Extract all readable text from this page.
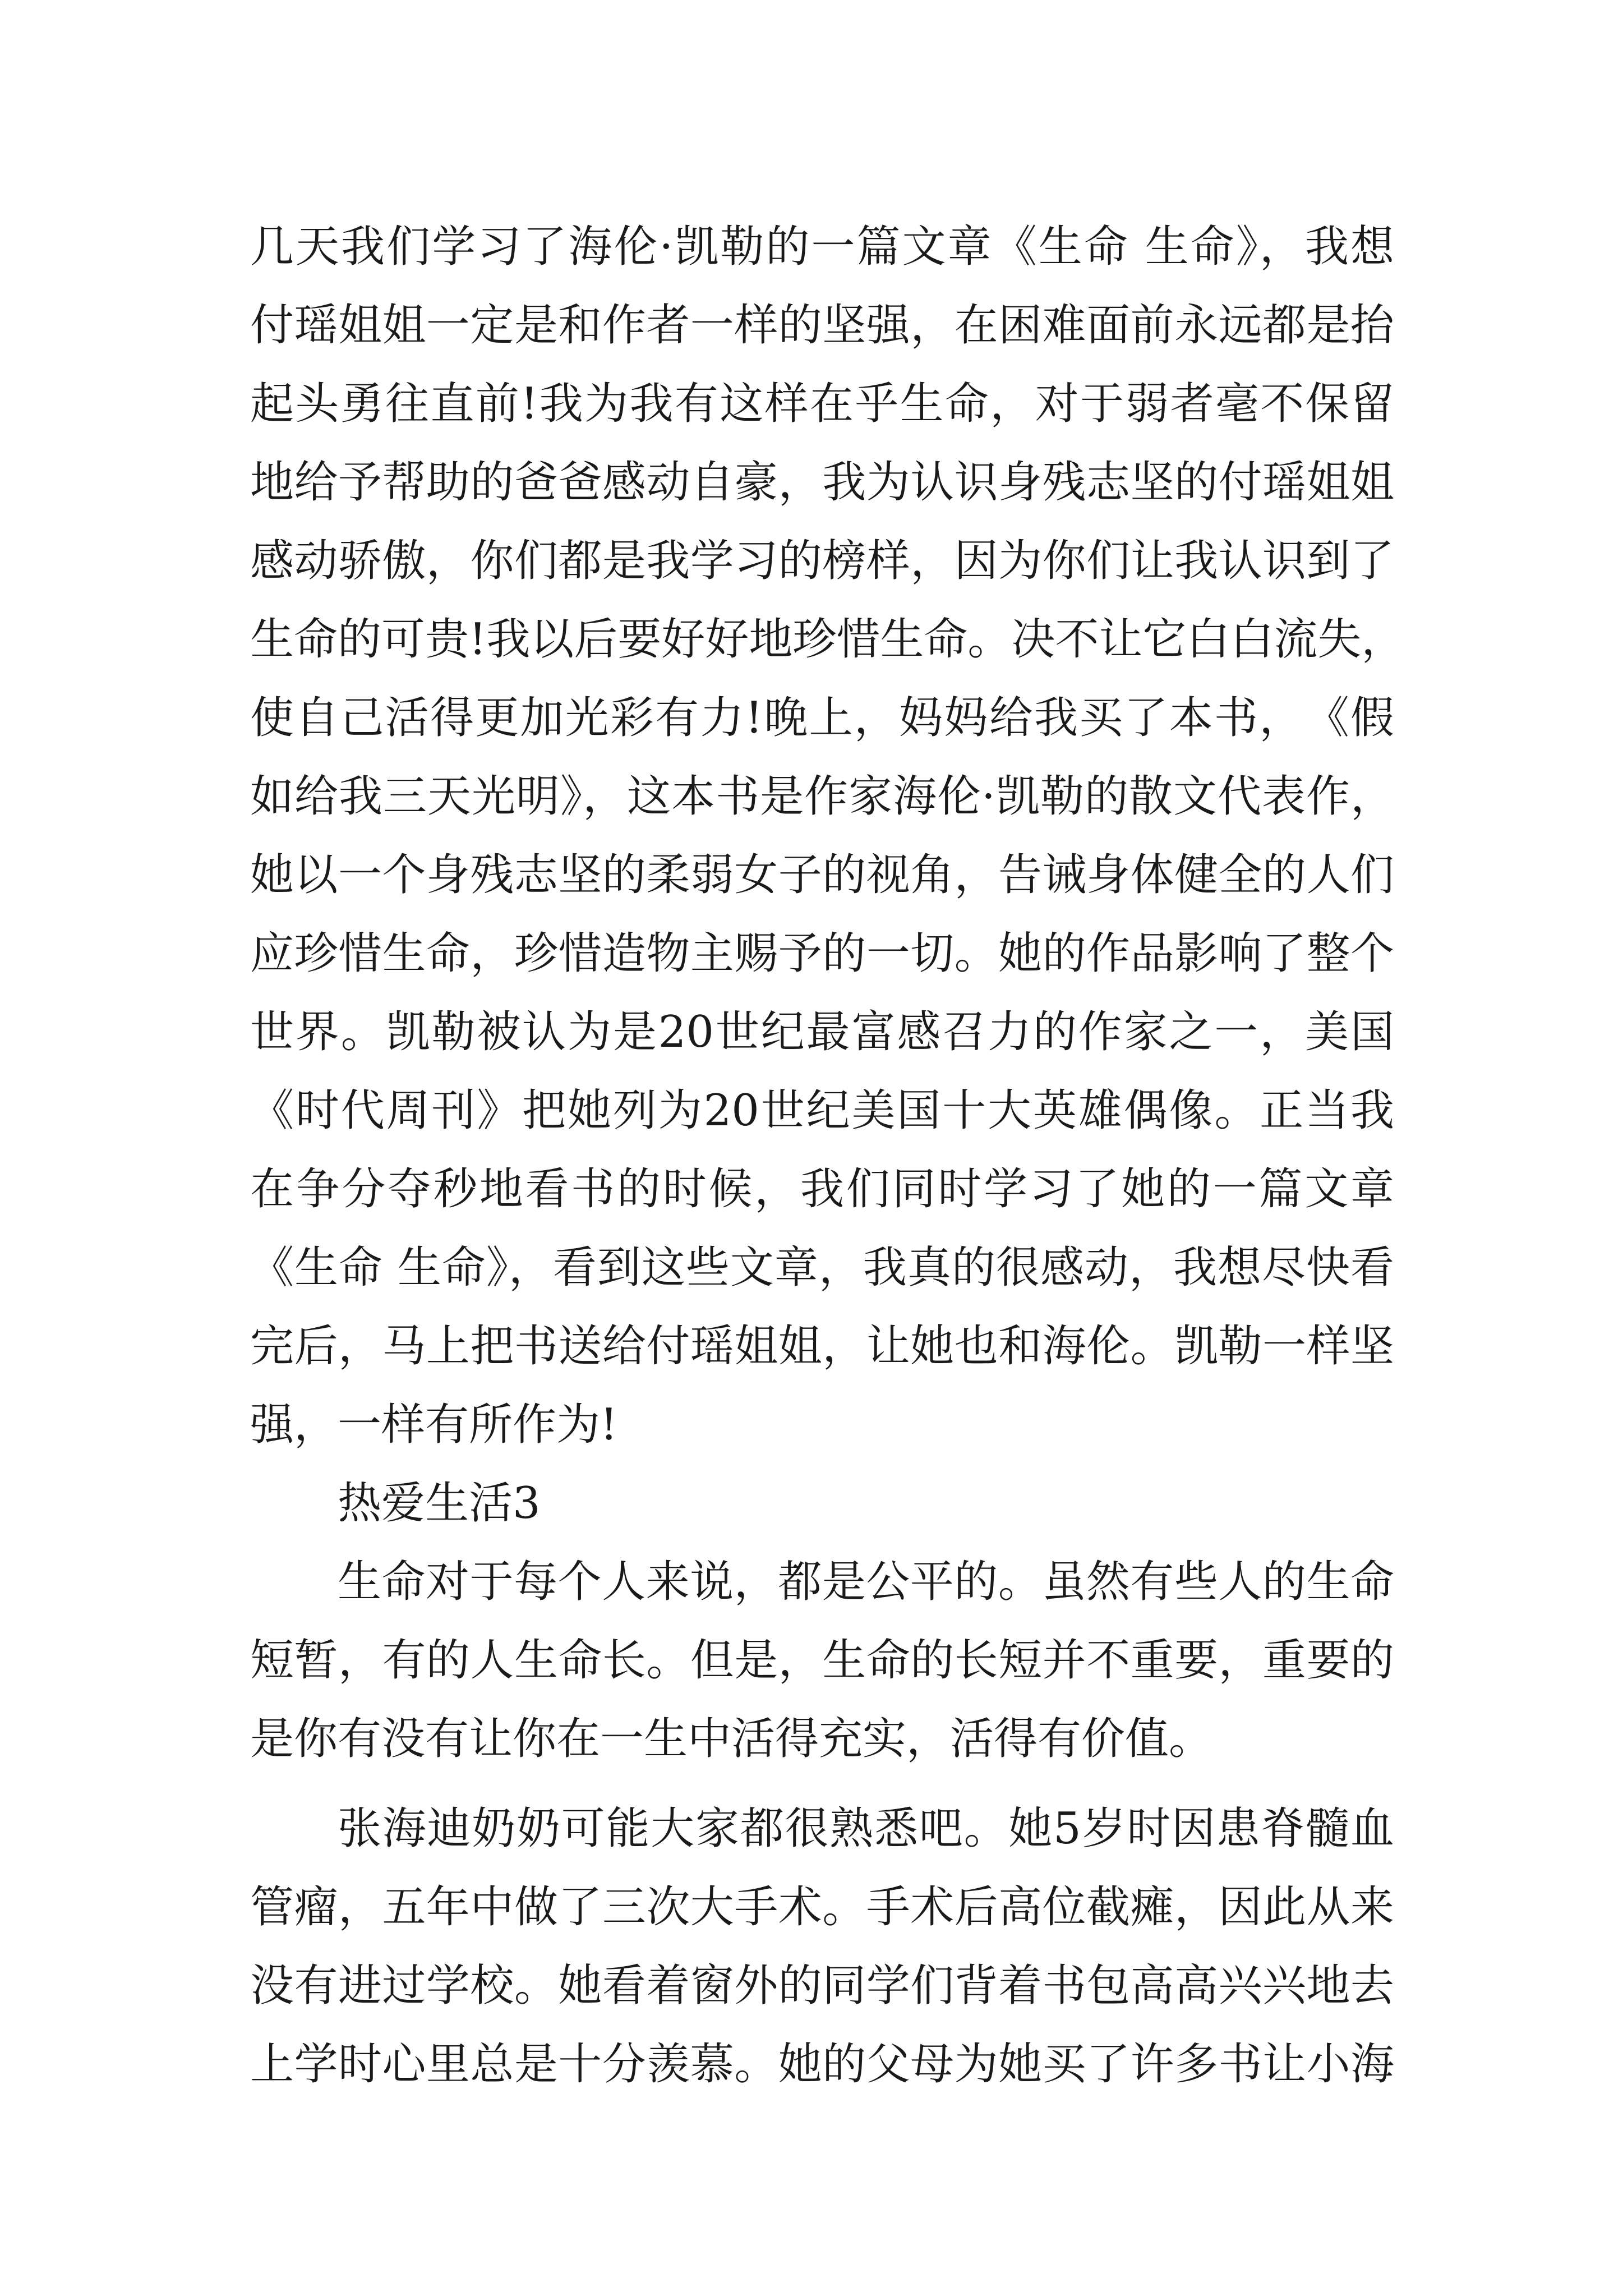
几天我们学习了海伦·凯勒的一篇文章《生命 生命》，我想
付瑶姐姐一定是和作者一样的坚强，在困难面前永远都是抬
起头勇往直前!我为我有这样在乎生命，对于弱者毫不保留
地给予帮助的爸爸感动自豪，我为认识身残志坚的付瑶姐姐
感动骄傲，你们都是我学习的榜样，因为你们让我认识到了
生命的可贵!我以后要好好地珍惜生命。决不让它白白流失，
使自己活得更加光彩有力!晚上，妈妈给我买了本书，　《假
如给我三天光明》，这本书是作家海伦·凯勒的散文代表作，
她以一个身残志坚的柔弱女子的视角，告诫身体健全的人们
应珍惜生命，珍惜造物主赐予的一切。她的作品影响了整个
世界。凯勒被认为是20世纪最富感召力的作家之一，美国
《时代周刊》把她列为20世纪美国十大英雄偶像。正当我
在争分夺秒地看书的时候，我们同时学习了她的一篇文章
《生命 生命》，看到这些文章，我真的很感动，我想尽快看
完后，马上把书送给付瑶姐姐，让她也和海伦。凯勒一样坚
强，一样有所作为!
热爱生活3
生命对于每个人来说，都是公平的。虽然有些人的生命
短暂，有的人生命长。但是，生命的长短并不重要，重要的
是你有没有让你在一生中活得充实，活得有价值。
张海迪奶奶可能大家都很熟悉吧。她5岁时因患脊髓血
管瘤，五年中做了三次大手术。手术后高位截瘫，因此从来
没有进过学校。她看着窗外的同学们背着书包高高兴兴地去
上学时心里总是十分羡慕。她的父母为她买了许多书让小海
